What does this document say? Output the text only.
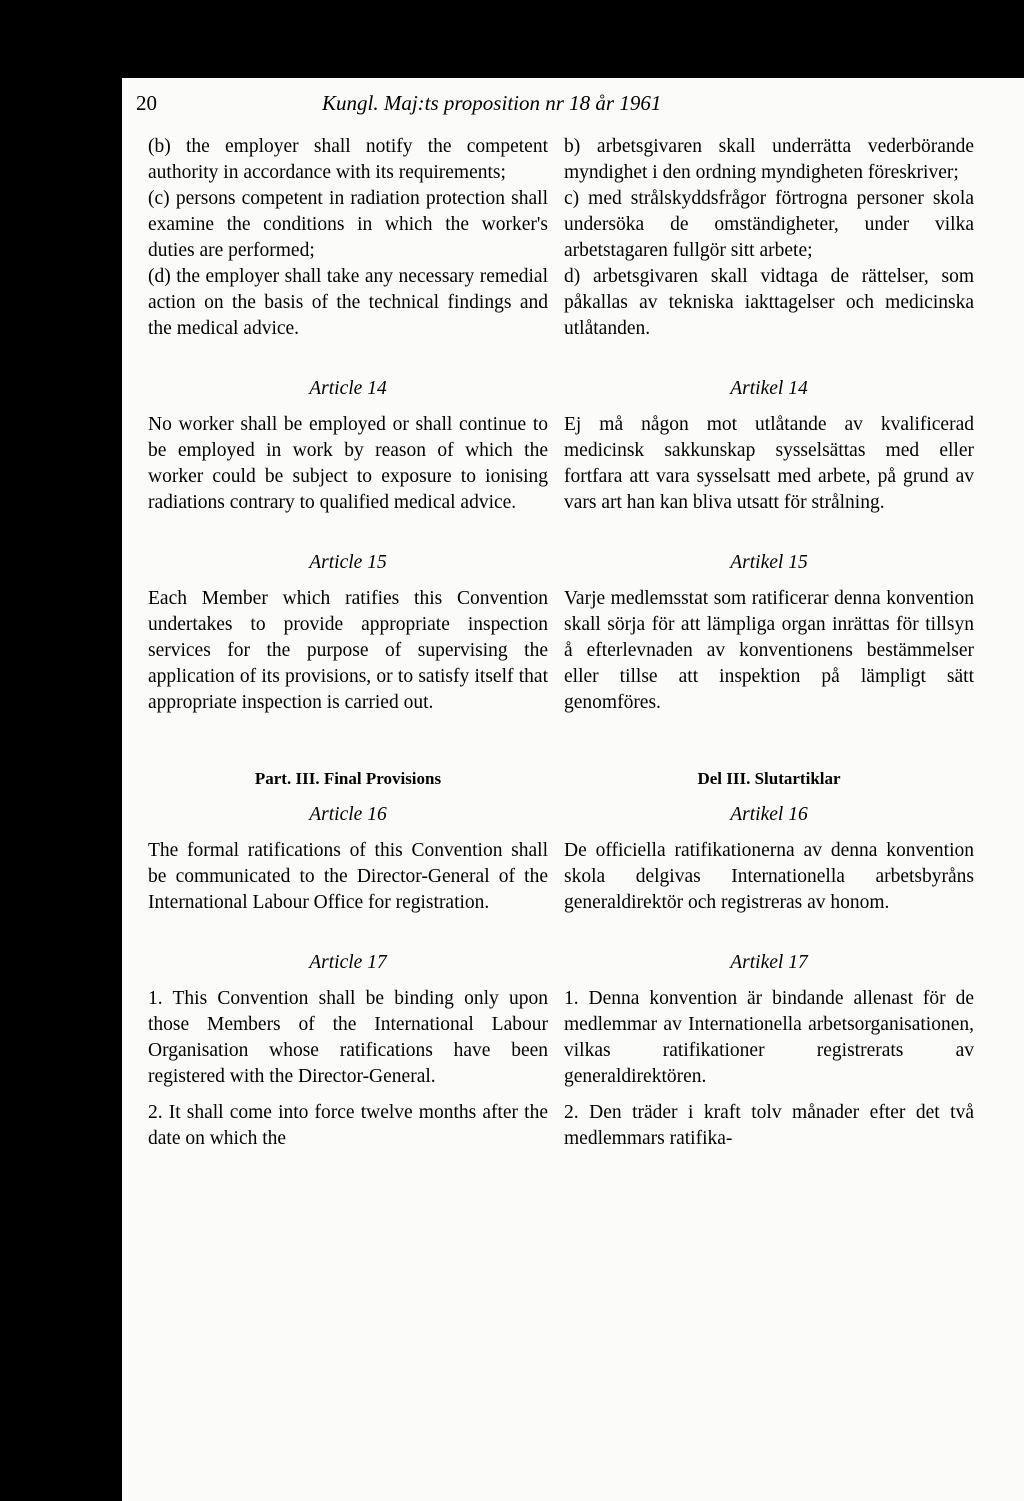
20	Kungl. Maj:ts proposition nr 18 år 1961

(b) the employer shall notify the competent authority in accordance with its requirements;

(c) persons competent in radiation protection shall examine the conditions in which the worker's duties are performed;

(d) the employer shall take any necessary remedial action on the basis of the technical findings and the medical advice.

Article 14

No worker shall be employed or shall continue to be employed in work by reason of which the worker could be subject to exposure to ionising radiations contrary to qualified medical advice.

Article 15

Each Member which ratifies this Convention undertakes to provide appropriate inspection services for the purpose of supervising the application of its provisions, or to satisfy itself that appropriate inspection is carried out.

Part. III. Final Provisions

Article 16

The formal ratifications of this Convention shall be communicated to the Director-General of the International Labour Office for registration.

Article 17

1. This Convention shall be binding only upon those Members of the International Labour Organisation whose ratifications have been registered with the Director-General.

2. It shall come into force twelve months after the date on which the

b) arbetsgivaren skall underrätta vederbörande myndighet i den ordning myndigheten föreskriver;

c) med strålskyddsfrågor förtrogna personer skola undersöka de omständigheter, under vilka arbetstagaren fullgör sitt arbete;

d) arbetsgivaren skall vidtaga de rättelser, som påkallas av tekniska iakttagelser och medicinska utlåtanden.

Artikel 14

Ej må någon mot utlåtande av kvalificerad medicinsk sakkunskap sysselsättas med eller fortfara att vara sysselsatt med arbete, på grund av vars art han kan bliva utsatt för strålning.

Artikel 15

Varje medlemsstat som ratificerar denna konvention skall sörja för att lämpliga organ inrättas för tillsyn å efterlevnaden av konventionens bestämmelser eller tillse att inspektion på lämpligt sätt genomföres.

Del III. Slutartiklar

Artikel 16

De officiella ratifikationerna av denna konvention skola delgivas Internationella arbetsbyråns generaldirektör och registreras av honom.

Artikel 17

1. Denna konvention är bindande allenast för de medlemmar av Internationella arbetsorganisationen, vilkas ratifikationer registrerats av generaldirektören.

2. Den träder i kraft tolv månader efter det två medlemmars ratifika-
